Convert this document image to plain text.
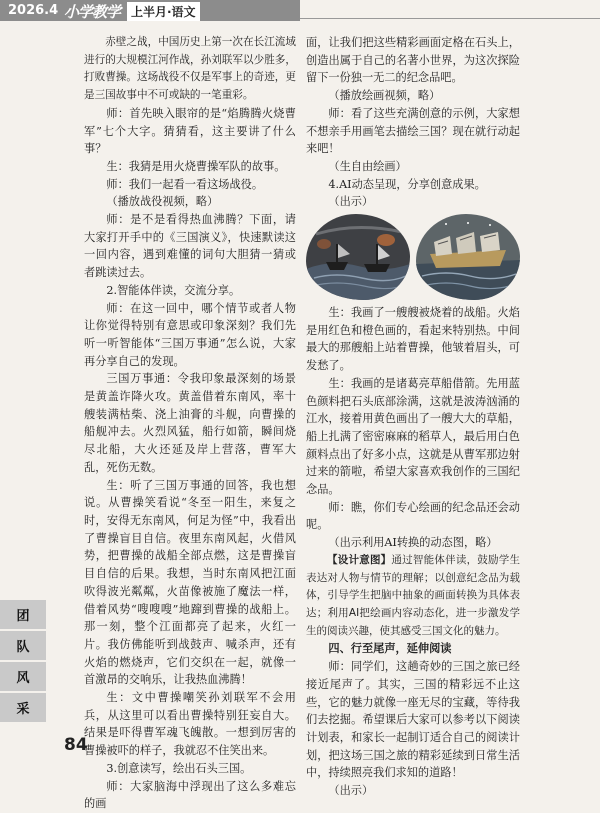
2026.4 小学教学 上半月·语文

赤壁之战，中国历史上第一次在长江流域进行的大规模江河作战，孙刘联军以少胜多，打败曹操。这场战役不仅是军事上的奇迹，更是三国故事中不可或缺的一笔重彩。

师：首先映入眼帘的是“焰腾腾火烧曹军”七个大字。猜猜看，这主要讲了什么事？

生：我猜是用火烧曹操军队的故事。

师：我们一起看一看这场战役。

（播放战役视频，略）

师：是不是看得热血沸腾？下面，请大家打开手中的《三国演义》，快速默读这一回内容，遇到难懂的词句大胆猜一猜或者跳读过去。

2.智能体伴读，交流分享。

师：在这一回中，哪个情节或者人物让你觉得特别有意思或印象深刻？我们先听一听智能体“三国万事通”怎么说，大家再分享自己的发现。

三国万事通：令我印象最深刻的场景是黄盖诈降火攻。黄盖借着东南风，率十艘装满枯柴、浇上油膏的斗舰，向曹操的船舰冲去。火烈风猛，船行如箭，瞬间烧尽北船，大火还延及岸上营落，曹军大乱，死伤无数。

生：听了三国万事通的回答，我也想说。从曹操笑看说“冬至一阳生，来复之时，安得无东南风，何足为怪”中，我看出了曹操盲目自信。夜里东南风起，火借风势，把曹操的战船全部点燃，这是曹操盲目自信的后果。我想，当时东南风把江面吹得波光粼粼，火苗像被施了魔法一样，借着风势“嗖嗖嗖”地蹿到曹操的战船上。那一刻，整个江面都亮了起来，火红一片。我仿佛能听到战鼓声、喊杀声，还有火焰的燃烧声，它们交织在一起，就像一首激昂的交响乐，让我热血沸腾！

生：文中曹操嘲笑孙刘联军不会用兵，从这里可以看出曹操特别狂妄自大。结果是吓得曹军魂飞魄散。一想到厉害的曹操被吓的样子，我就忍不住笑出来。

3.创意读写，绘出石头三国。

师：大家脑海中浮现出了这么多难忘的画

面，让我们把这些精彩画面定格在石头上，创造出属于自己的名著小世界，为这次探险留下一份独一无二的纪念品吧。

（播放绘画视频，略）

师：看了这些充满创意的示例，大家想不想亲手用画笔去描绘三国？现在就行动起来吧！

（生自由绘画）

4.AI动态呈现，分享创意成果。

（出示）

生：我画了一艘艘被烧着的战船。火焰是用红色和橙色画的，看起来特别热。中间最大的那艘船上站着曹操，他皱着眉头，可发愁了。

生：我画的是诸葛亮草船借箭。先用蓝色颜料把石头底部涂满，这就是波涛汹涌的江水，接着用黄色画出了一艘大大的草船，船上扎满了密密麻麻的稻草人，最后用白色颜料点出了好多小点，这就是从曹军那边射过来的箭啦，希望大家喜欢我创作的三国纪念品。

师：瞧，你们专心绘画的纪念品还会动呢。

（出示利用AI转换的动态图，略）

【设计意图】通过智能体伴读，鼓励学生表达对人物与情节的理解；以创意纪念品为载体，引导学生把脑中抽象的画面转换为具体表达；利用AI把绘画内容动态化，进一步激发学生的阅读兴趣，使其感受三国文化的魅力。

四、行至尾声，延伸阅读

师：同学们，这趟奇妙的三国之旅已经接近尾声了。其实，三国的精彩远不止这些，它的魅力就像一座无尽的宝藏，等待我们去挖掘。希望课后大家可以参考以下阅读计划表，和家长一起制订适合自己的阅读计划，把这场三国之旅的精彩延续到日常生活中，持续照亮我们求知的道路！

（出示）

团
队
风
采
84
